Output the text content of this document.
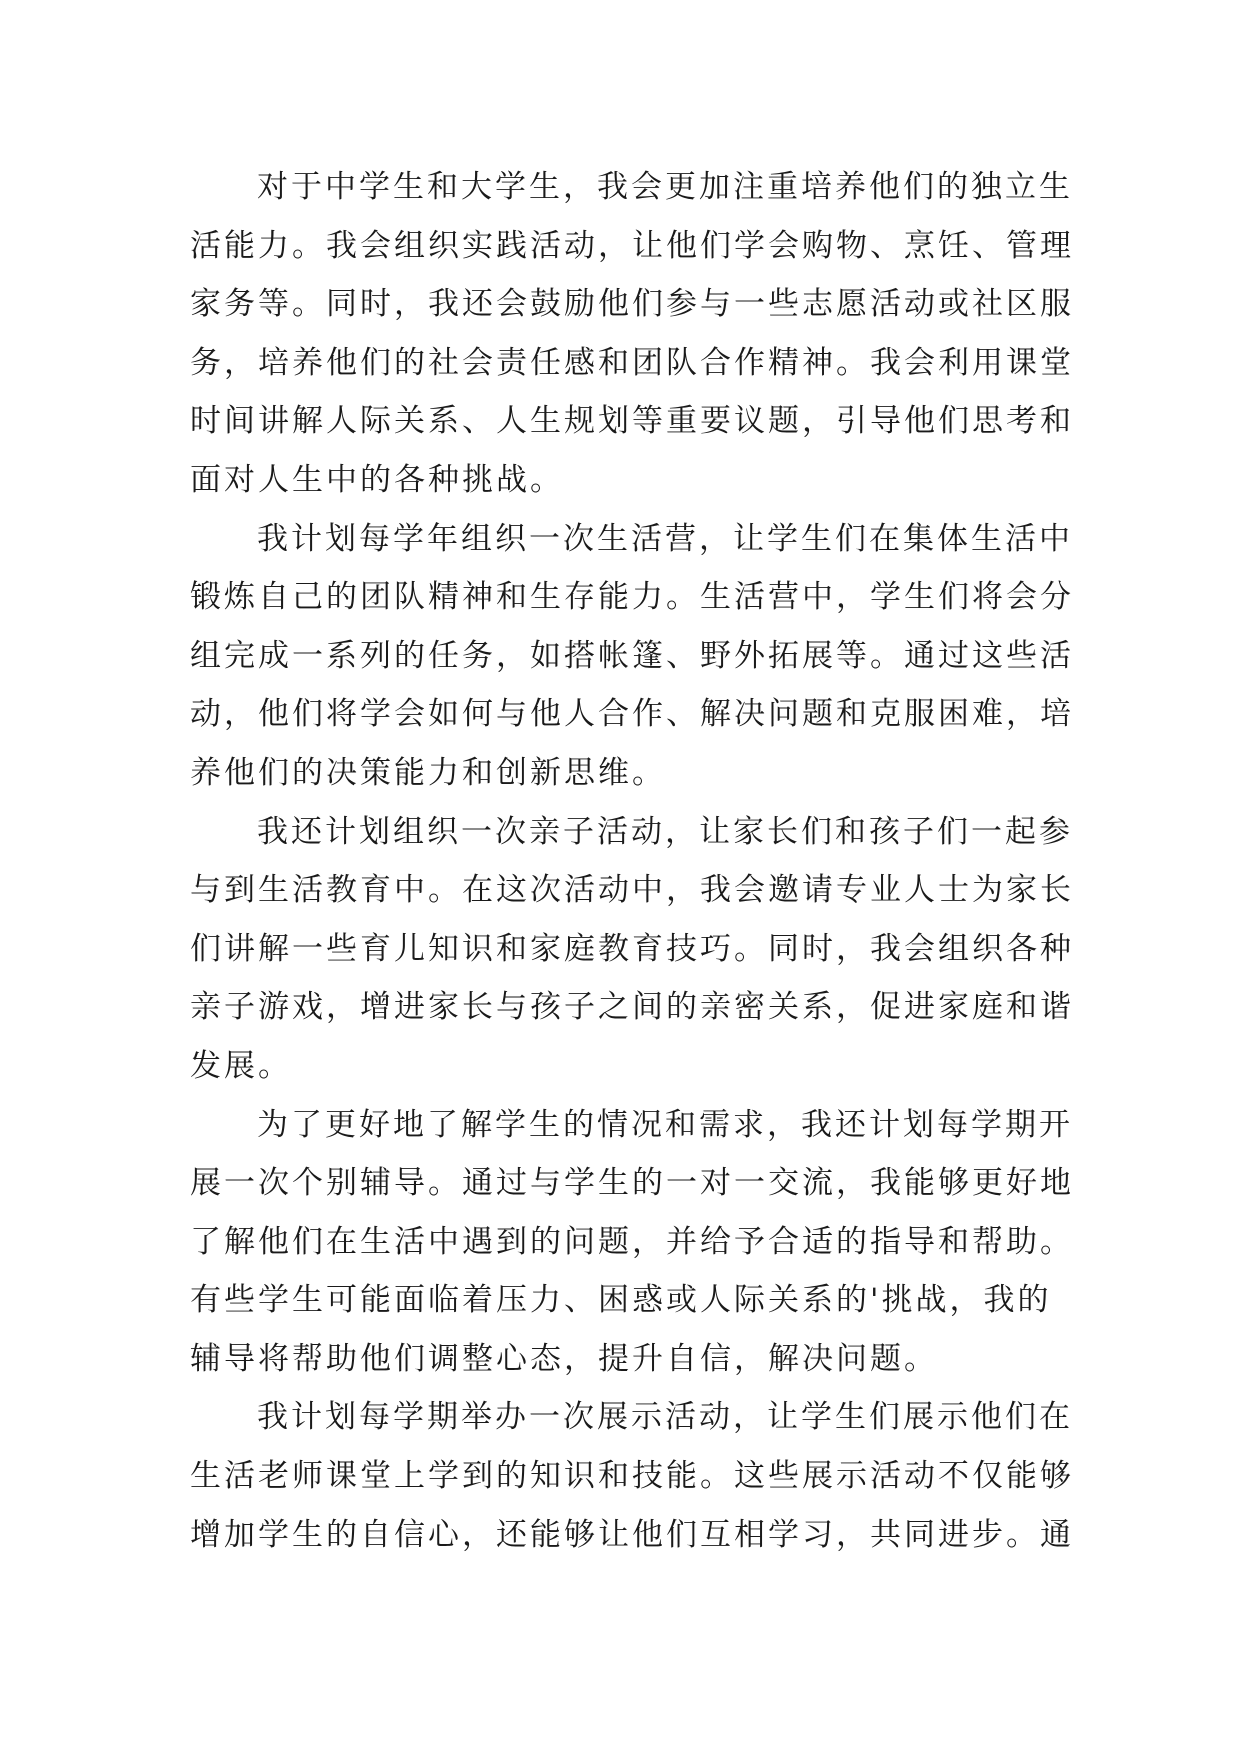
对于中学生和大学生，我会更加注重培养他们的独立生
活能力。我会组织实践活动，让他们学会购物、烹饪、管理
家务等。同时，我还会鼓励他们参与一些志愿活动或社区服
务，培养他们的社会责任感和团队合作精神。我会利用课堂
时间讲解人际关系、人生规划等重要议题，引导他们思考和
面对人生中的各种挑战。
我计划每学年组织一次生活营，让学生们在集体生活中
锻炼自己的团队精神和生存能力。生活营中，学生们将会分
组完成一系列的任务，如搭帐篷、野外拓展等。通过这些活
动，他们将学会如何与他人合作、解决问题和克服困难，培
养他们的决策能力和创新思维。
我还计划组织一次亲子活动，让家长们和孩子们一起参
与到生活教育中。在这次活动中，我会邀请专业人士为家长
们讲解一些育儿知识和家庭教育技巧。同时，我会组织各种
亲子游戏，增进家长与孩子之间的亲密关系，促进家庭和谐
发展。
为了更好地了解学生的情况和需求，我还计划每学期开
展一次个别辅导。通过与学生的一对一交流，我能够更好地
了解他们在生活中遇到的问题，并给予合适的指导和帮助。
有些学生可能面临着压力、困惑或人际关系的'挑战，我的
辅导将帮助他们调整心态，提升自信，解决问题。
我计划每学期举办一次展示活动，让学生们展示他们在
生活老师课堂上学到的知识和技能。这些展示活动不仅能够
增加学生的自信心，还能够让他们互相学习，共同进步。通
